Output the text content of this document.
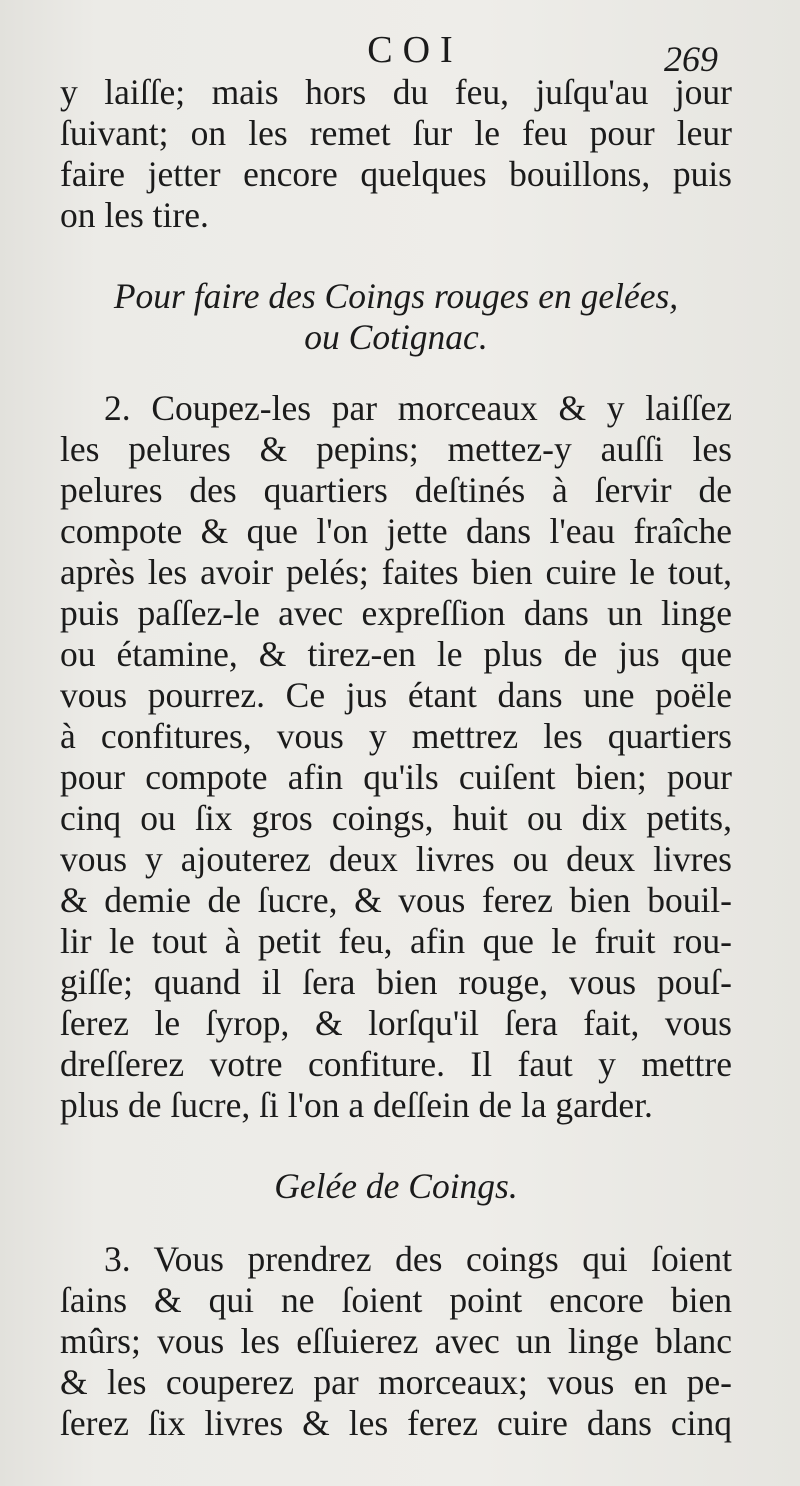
COI	269
y laiſſe; mais hors du feu, juſqu'au jour
ſuivant; on les remet ſur le feu pour leur
faire jetter encore quelques bouillons, puis
on les tire.
Pour faire des Coings rouges en gelées,
ou Cotignac.
2. Coupez-les par morceaux & y laiſſez
les pelures & pepins; mettez-y auſſi les
pelures des quartiers deſtinés à ſervir de
compote & que l'on jette dans l'eau fraîche
après les avoir pelés; faites bien cuire le tout,
puis paſſez-le avec expreſſion dans un linge
ou étamine, & tirez-en le plus de jus que
vous pourrez. Ce jus étant dans une poële
à confitures, vous y mettrez les quartiers
pour compote afin qu'ils cuiſent bien; pour
cinq ou ſix gros coings, huit ou dix petits,
vous y ajouterez deux livres ou deux livres
& demie de ſucre, & vous ferez bien bouil-
lir le tout à petit feu, afin que le fruit rou-
giſſe; quand il ſera bien rouge, vous pouſ-
ſerez le ſyrop, & lorſqu'il ſera fait, vous
dreſſerez votre confiture. Il faut y mettre
plus de ſucre, ſi l'on a deſſein de la garder.
Gelée de Coings.
3. Vous prendrez des coings qui ſoient
ſains & qui ne ſoient point encore bien
mûrs; vous les eſſuierez avec un linge blanc
& les couperez par morceaux; vous en pe-
ſerez ſix livres & les ferez cuire dans cinq
